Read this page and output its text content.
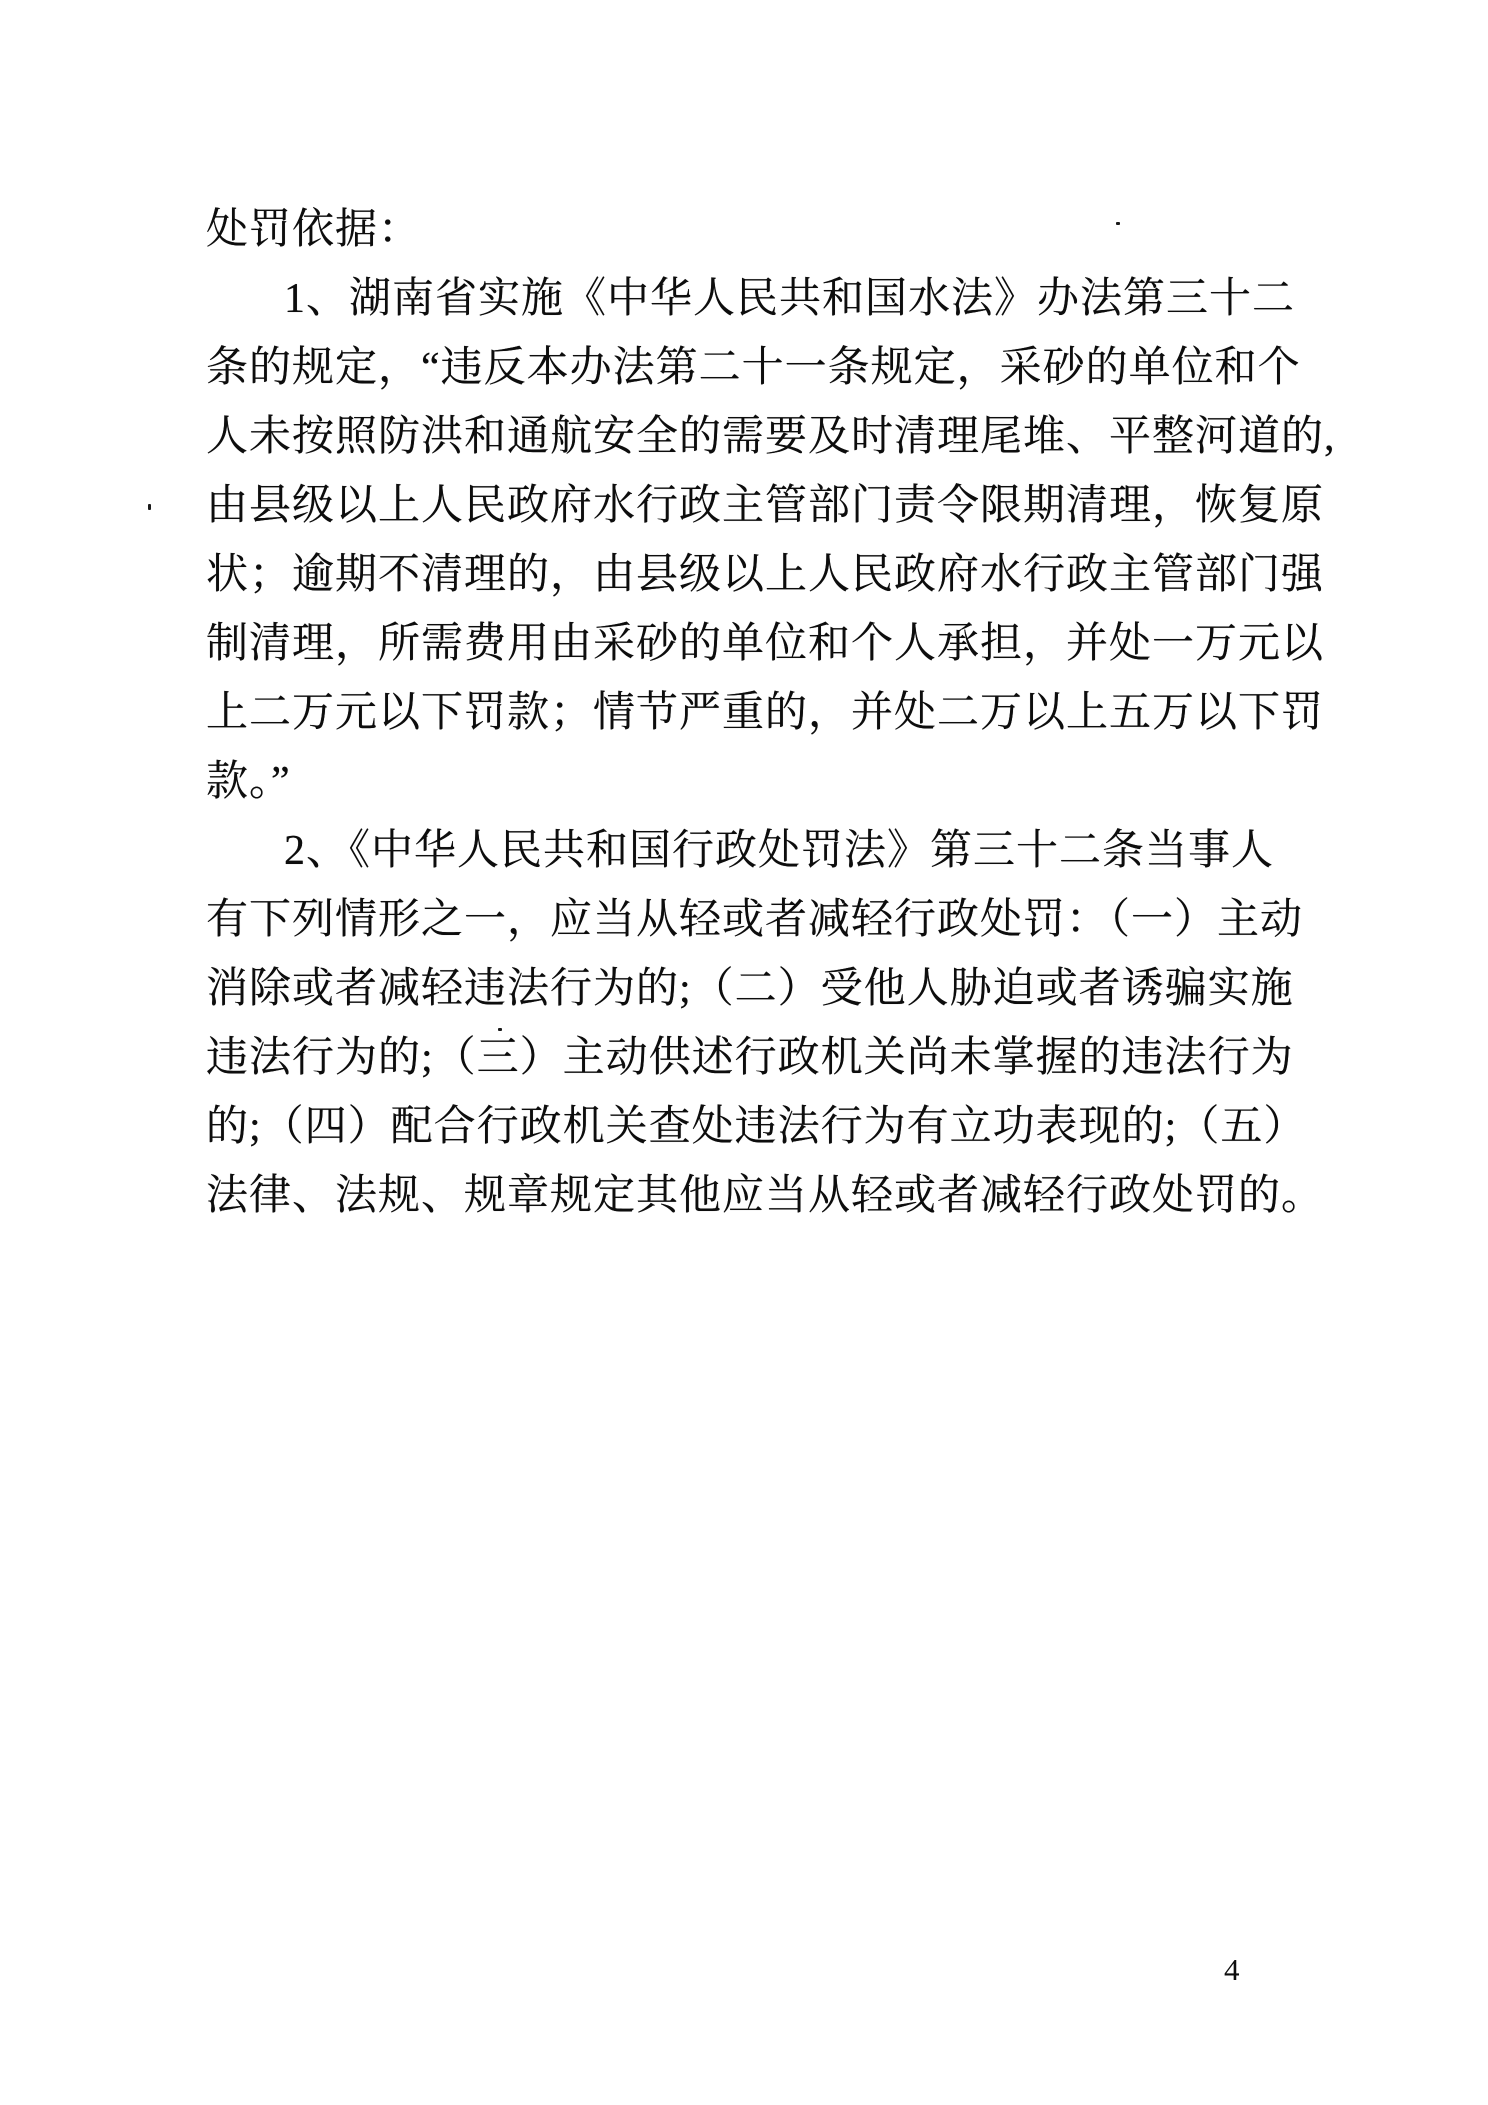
处罚依据：
1、湖南省实施《中华人民共和国水法》办法第三十二
条的规定，“违反本办法第二十一条规定，采砂的单位和个
人未按照防洪和通航安全的需要及时清理尾堆、平整河道的,
由县级以上人民政府水行政主管部门责令限期清理，恢复原
状；逾期不清理的，由县级以上人民政府水行政主管部门强
制清理，所需费用由采砂的单位和个人承担，并处一万元以
上二万元以下罚款；情节严重的，并处二万以上五万以下罚
款。”
2、《中华人民共和国行政处罚法》第三十二条当事人
有下列情形之一，应当从轻或者减轻行政处罚：（一）主动
消除或者减轻违法行为的;（二）受他人胁迫或者诱骗实施
违法行为的;（三）主动供述行政机关尚未掌握的违法行为
的;（四）配合行政机关查处违法行为有立功表现的;（五）
法律、法规、规章规定其他应当从轻或者减轻行政处罚的。
4
